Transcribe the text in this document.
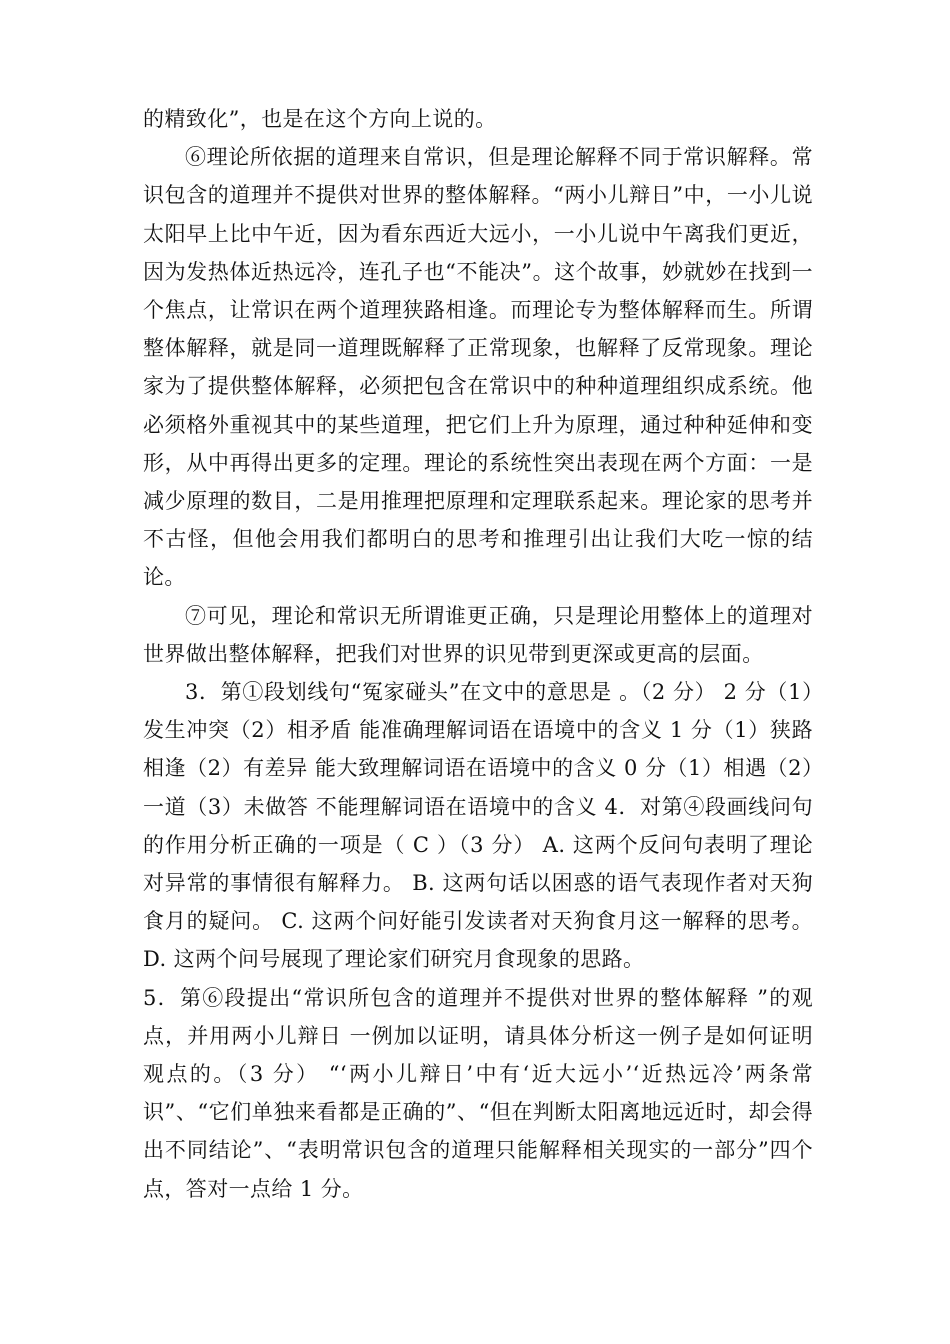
的精致化”，也是在这个方向上说的。

⑥理论所依据的道理来自常识，但是理论解释不同于常识解释。常识包含的道理并不提供对世界的整体解释。“两小儿辩日”中，一小儿说太阳早上比中午近，因为看东西近大远小，一小儿说中午离我们更近，因为发热体近热远冷，连孔子也“不能决”。这个故事，妙就妙在找到一个焦点，让常识在两个道理狭路相逢。而理论专为整体解释而生。所谓整体解释，就是同一道理既解释了正常现象，也解释了反常现象。理论家为了提供整体解释，必须把包含在常识中的种种道理组织成系统。他必须格外重视其中的某些道理，把它们上升为原理，通过种种延伸和变形，从中再得出更多的定理。理论的系统性突出表现在两个方面：一是减少原理的数目，二是用推理把原理和定理联系起来。理论家的思考并不古怪，但他会用我们都明白的思考和推理引出让我们大吃一惊的结论。

⑦可见，理论和常识无所谓谁更正确，只是理论用整体上的道理对世界做出整体解释，把我们对世界的识见带到更深或更高的层面。

3．第①段划线句“冤家碰头”在文中的意思是 。（2 分） 2 分（1）发生冲突（2）相矛盾 能准确理解词语在语境中的含义 1 分（1）狭路相逢（2）有差异 能大致理解词语在语境中的含义 0 分（1）相遇（2）一道（3）未做答 不能理解词语在语境中的含义 4．对第④段画线问句的作用分析正确的一项是（ C ）（3 分） A. 这两个反问句表明了理论对异常的事情很有解释力。 B. 这两句话以困惑的语气表现作者对天狗食月的疑问。 C. 这两个问好能引发读者对天狗食月这一解释的思考。 D. 这两个问号展现了理论家们研究月食现象的思路。

5．第⑥段提出“常识所包含的道理并不提供对世界的整体解释 ”的观点，并用两小儿辩日 一例加以证明，请具体分析这一例子是如何证明观点的。（3 分） “‘两小儿辩日’中有‘近大远小’‘近热远冷’两条常识”、“它们单独来看都是正确的”、“但在判断太阳离地远近时，却会得出不同结论”、“表明常识包含的道理只能解释相关现实的一部分”四个点，答对一点给 1 分。
